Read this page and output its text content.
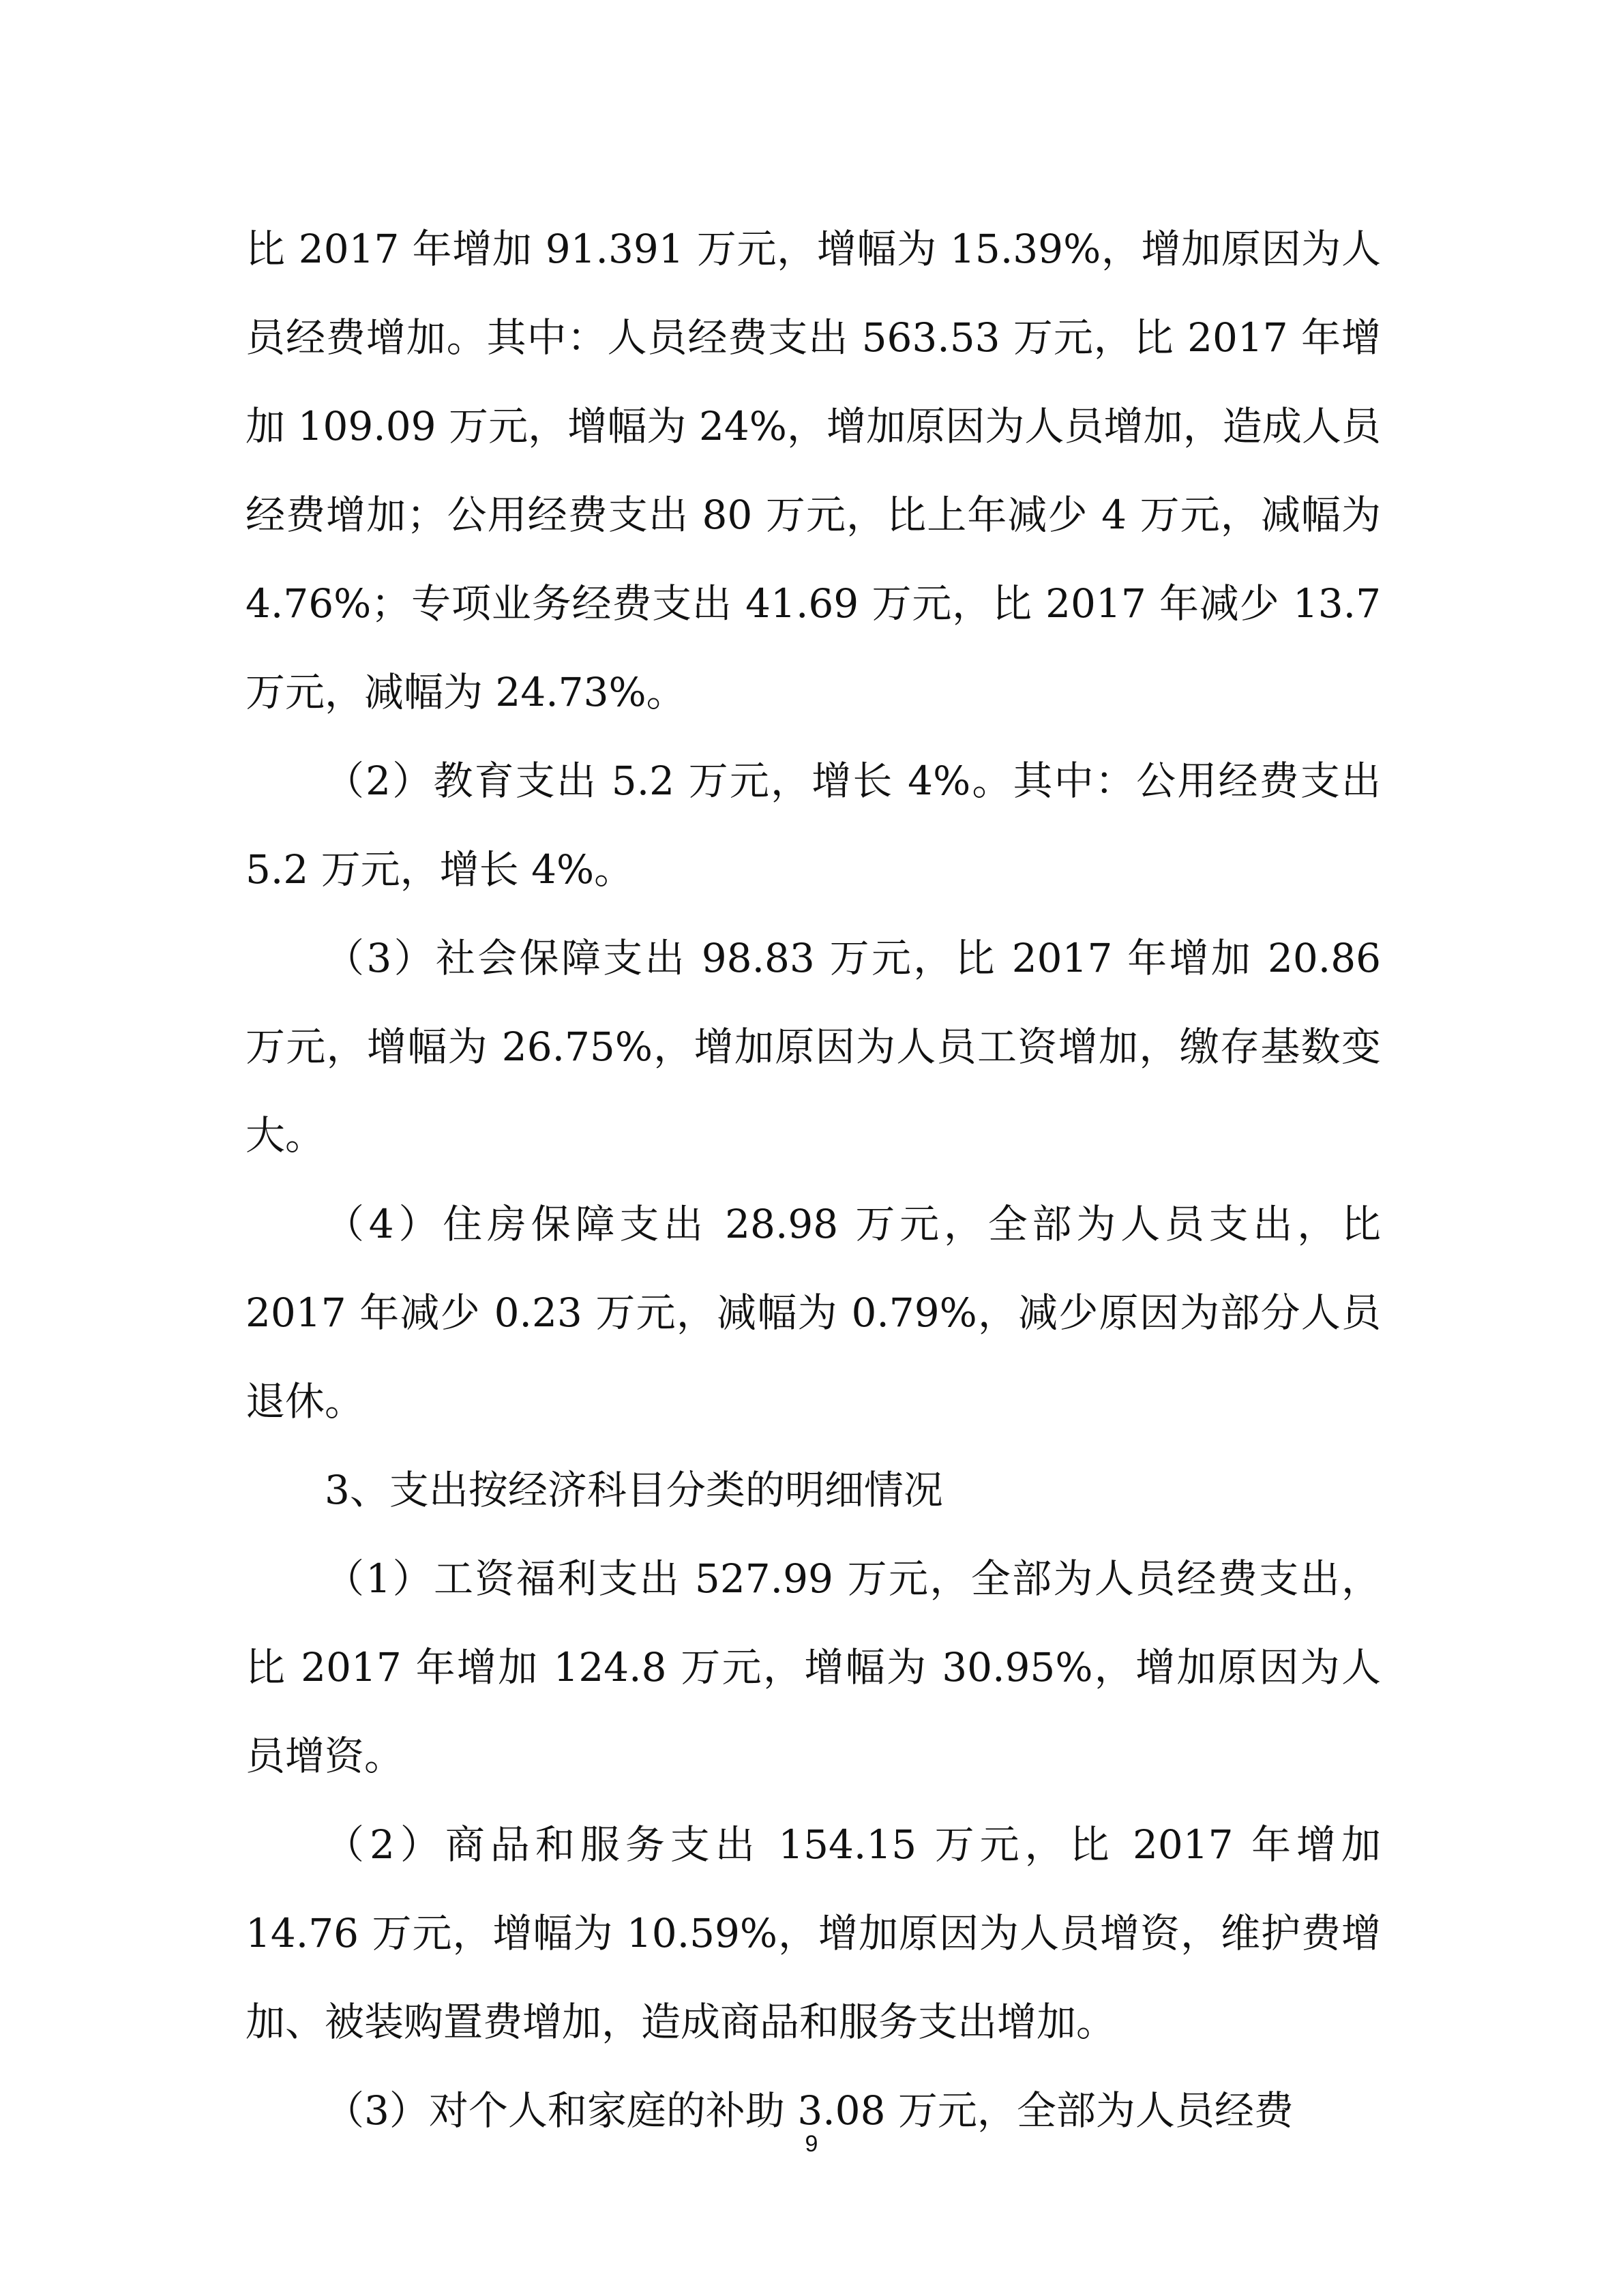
比 2017 年增加 91.391 万元，增幅为 15.39%，增加原因为人员经费增加。其中：人员经费支出 563.53 万元，比 2017 年增加 109.09 万元，增幅为 24%，增加原因为人员增加，造成人员经费增加；公用经费支出 80 万元，比上年减少 4 万元，减幅为 4.76%；专项业务经费支出 41.69 万元，比 2017 年减少 13.7 万元，减幅为 24.73%。

（2）教育支出 5.2 万元，增长 4%。其中：公用经费支出 5.2 万元，增长 4%。

（3）社会保障支出 98.83 万元，比 2017 年增加 20.86 万元，增幅为 26.75%，增加原因为人员工资增加，缴存基数变大。

（4）住房保障支出 28.98 万元，全部为人员支出，比 2017 年减少 0.23 万元，减幅为 0.79%，减少原因为部分人员退休。

3、支出按经济科目分类的明细情况

（1）工资福利支出 527.99 万元，全部为人员经费支出，比 2017 年增加 124.8 万元，增幅为 30.95%，增加原因为人员增资。

（2）商品和服务支出 154.15 万元，比 2017 年增加 14.76 万元，增幅为 10.59%，增加原因为人员增资，维护费增加、被装购置费增加，造成商品和服务支出增加。

（3）对个人和家庭的补助 3.08 万元，全部为人员经费

9
